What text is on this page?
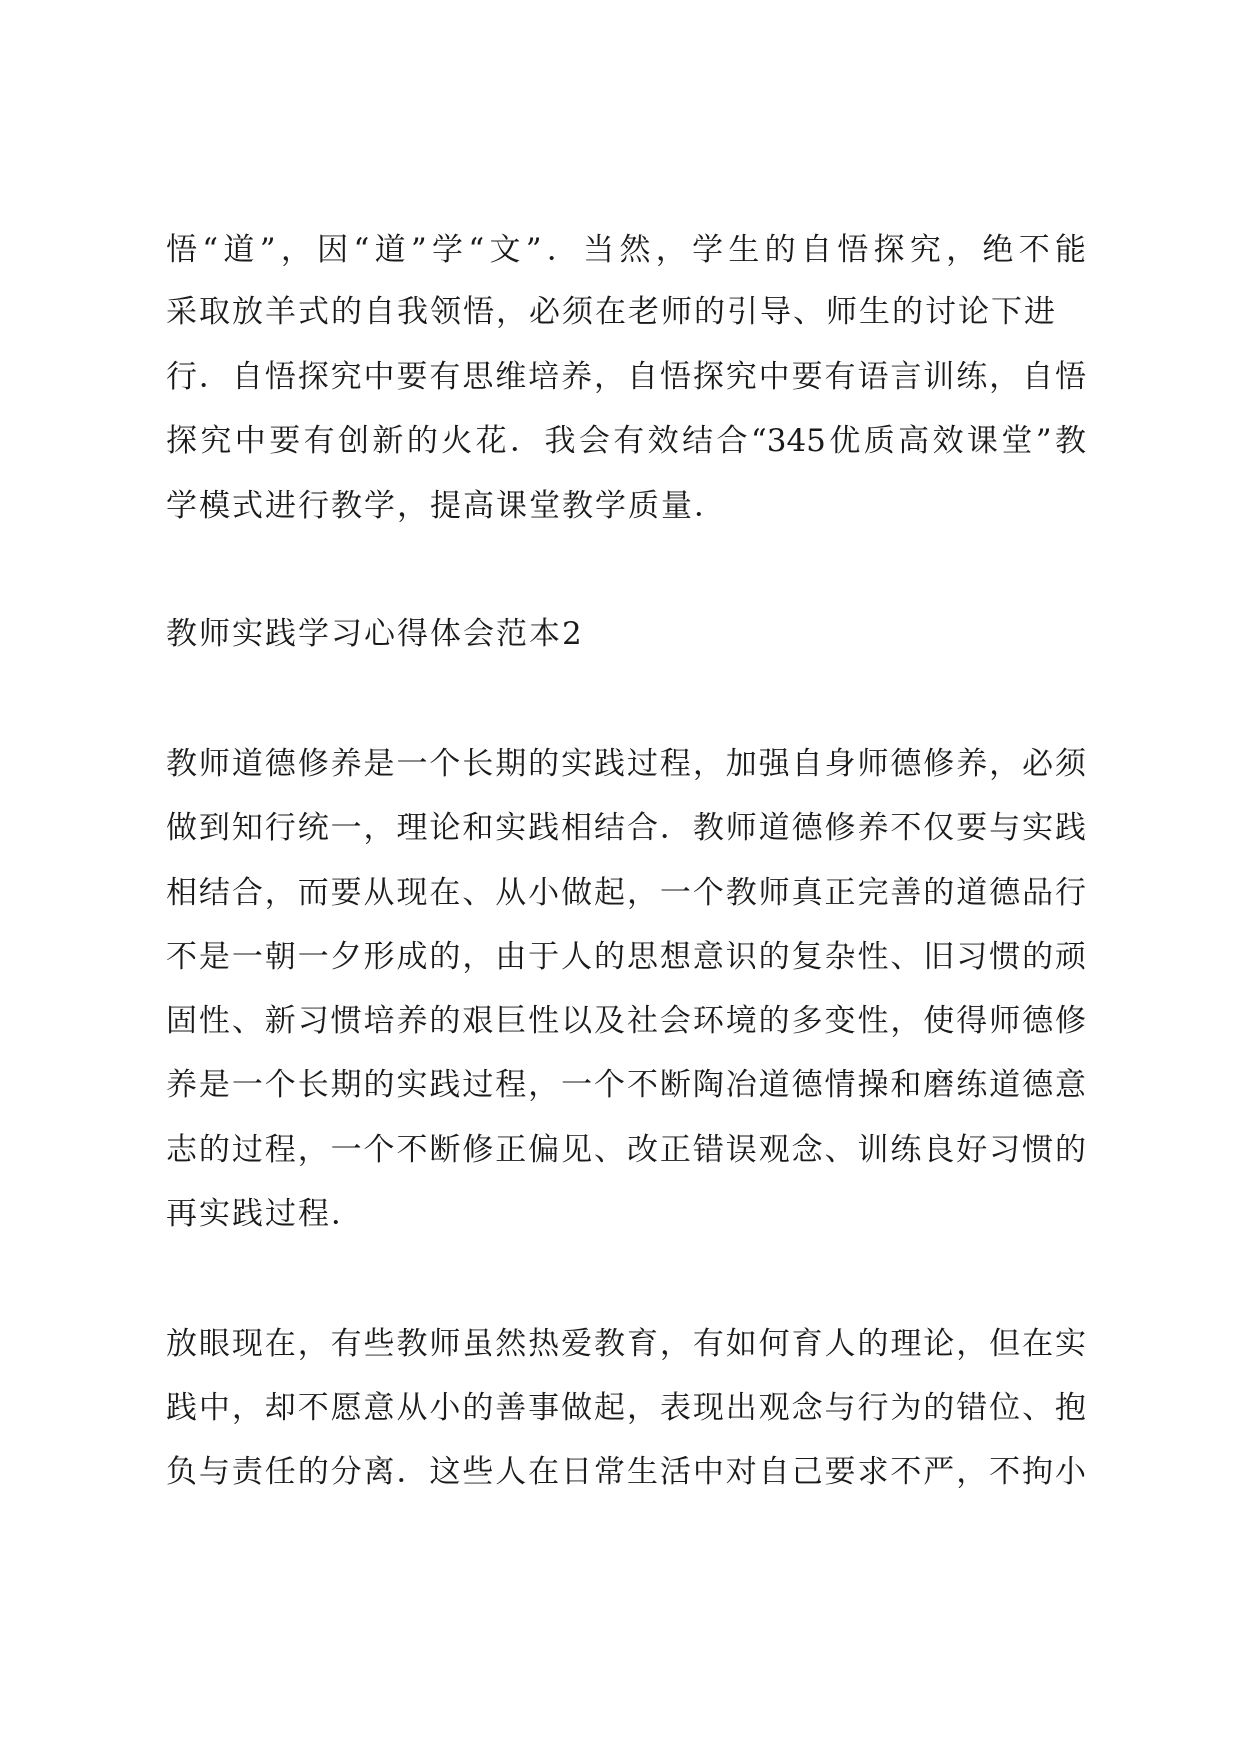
悟“道”，因“道”学“文”．当然，学生的自悟探究，绝不能
采取放羊式的自我领悟，必须在老师的引导、师生的讨论下进
行．自悟探究中要有思维培养，自悟探究中要有语言训练，自悟
探究中要有创新的火花．我会有效结合“345优质高效课堂”教
学模式进行教学，提高课堂教学质量．
教师实践学习心得体会范本2
教师道德修养是一个长期的实践过程，加强自身师德修养，必须
做到知行统一，理论和实践相结合．教师道德修养不仅要与实践
相结合，而要从现在、从小做起，一个教师真正完善的道德品行
不是一朝一夕形成的，由于人的思想意识的复杂性、旧习惯的顽
固性、新习惯培养的艰巨性以及社会环境的多变性，使得师德修
养是一个长期的实践过程，一个不断陶冶道德情操和磨练道德意
志的过程，一个不断修正偏见、改正错误观念、训练良好习惯的
再实践过程．
放眼现在，有些教师虽然热爱教育，有如何育人的理论，但在实
践中，却不愿意从小的善事做起，表现出观念与行为的错位、抱
负与责任的分离．这些人在日常生活中对自己要求不严，不拘小
